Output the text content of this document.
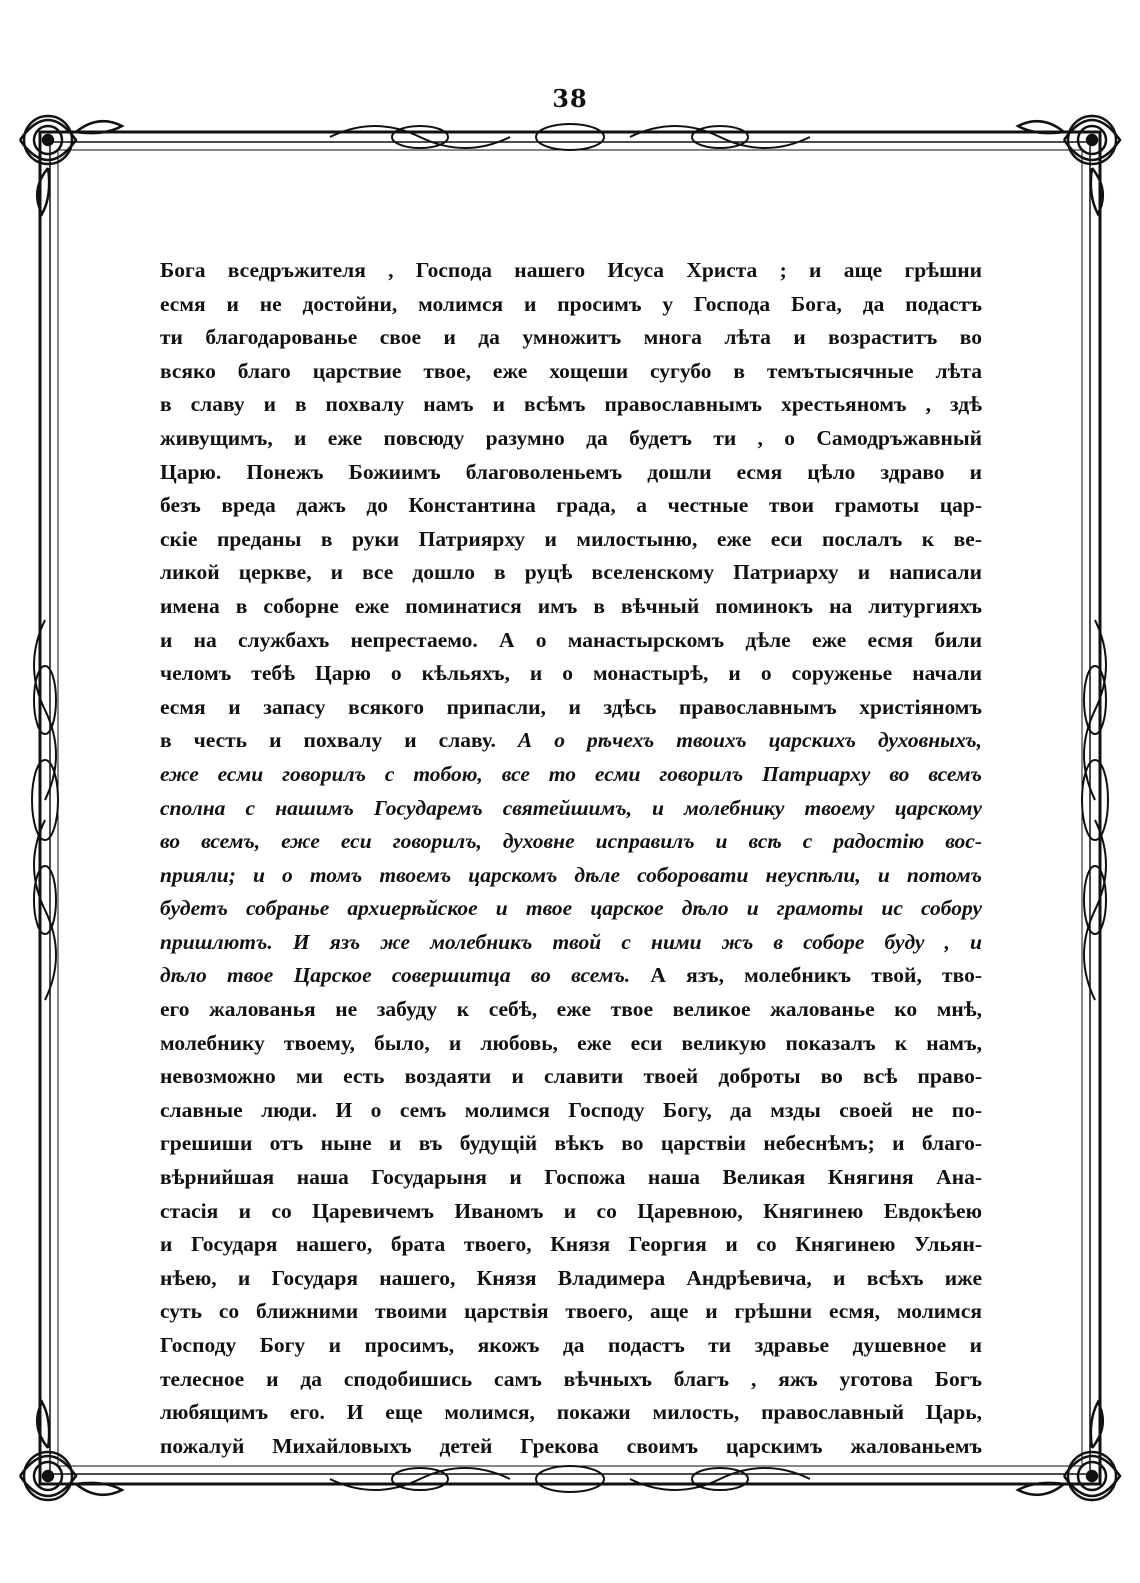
38
Бога вседръжителя , Господа нашего Исуса Христа ; и аще грѣшни
есмя и не достойни, молимся и просимъ у Господа Бога, да подастъ
ти благодарованье свое и да умножитъ многа лѣта и возраститъ во
всяко благо царствие твое, еже хощеши сугубо в темътысячные лѣта
в славу и в похвалу намъ и всѣмъ православнымъ хрестьяномъ , здѣ
живущимъ, и еже повсюду разумно да будетъ ти , о Самодръжавный
Царю. Понежъ Божиимъ благоволеньемъ дошли есмя цѣло здраво и
безъ вреда дажъ до Константина града, а честные твои грамоты цар-
скіе преданы в руки Патриярху и милостыню, еже еси послалъ к ве-
ликой церкве, и все дошло в руцѣ вселенскому Патриарху и написали
имена в соборне еже поминатися имъ в вѣчный поминокъ на литургияхъ
и на службахъ непрестаемо. А о манастырскомъ дѣле еже есмя били
челомъ тебѣ Царю о кѣльяхъ, и о монастырѣ, и о соруженье начали
есмя и запасу всякого припасли, и здѣсь православнымъ христiяномъ
в честь и похвалу и славу. А о рѣчехъ твоихъ царскихъ духовныхъ,
еже есми говорилъ с тобою, все то есми говорилъ Патриарху во всемъ
сполна с нашимъ Государемъ святейшимъ, и молебнику твоему царскому
во всемъ, еже еси говорилъ, духовне исправилъ и всѣ с радостiю вос-
прияли; и о томъ твоемъ царскомъ дѣле соборовати неуспѣли, и потомъ
будетъ собранье архиерѣйское и твое царское дѣло и грамоты ис собору
пришлютъ. И язъ же молебникъ твой с ними жъ в соборе буду , и
дѣло твое Царское совершитца во всемъ. А язъ, молебникъ твой, тво-
его жалованья не забуду к себѣ, еже твое великое жалованье ко мнѣ,
молебнику твоему, было, и любовь, еже еси великую показалъ к намъ,
невозможно ми есть воздаяти и славити твоей доброты во всѣ право-
славные люди. И о семъ молимся Господу Богу, да мзды своей не по-
грешиши отъ ныне и въ будущiй вѣкъ во царствiи небеснѣмъ; и благо-
вѣрнийшая наша Государыня и Госпожа наша Великая Княгиня Ана-
стасія и со Царевичемъ Иваномъ и со Царевною, Княгинею Евдокѣею
и Государя нашего, брата твоего, Князя Георгия и со Княгинею Ульян-
нѣею, и Государя нашего, Князя Владимера Андрѣевича, и всѣхъ иже
суть со ближними твоими царствія твоего, аще и грѣшни есмя, молимся
Господу Богу и просимъ, якожъ да подастъ ти здравье душевное и
телесное и да сподобишись самъ вѣчныхъ благъ , яжъ уготова Богъ
любящимъ его. И еще молимся, покажи милость, православный Царь,
пожалуй Михайловыхъ детей Грекова своимъ царскимъ жалованьемъ
